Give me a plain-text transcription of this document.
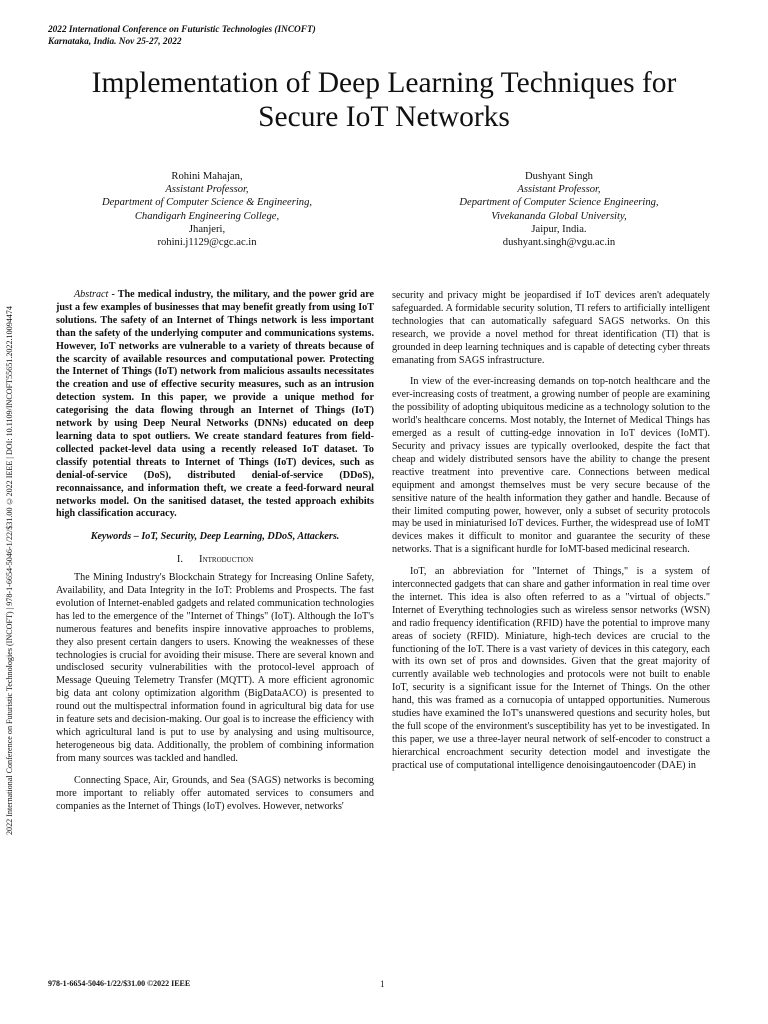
2022 International Conference on Futuristic Technologies (INCOFT)
Karnataka, India. Nov 25-27, 2022
2022 International Conference on Futuristic Technologies (INCOFT) | 978-1-6654-5046-1/22/$31.00 ©2022 IEEE | DOI: 10.1109/INCOFT55651.2022.10094474
Implementation of Deep Learning Techniques for Secure IoT Networks
Rohini Mahajan,
Assistant Professor,
Department of Computer Science & Engineering,
Chandigarh Engineering College,
Jhanjeri,
rohini.j1129@cgc.ac.in
Dushyant Singh
Assistant Professor,
Department of Computer Science Engineering,
Vivekananda Global University,
Jaipur, India.
dushyant.singh@vgu.ac.in

Abstract - The medical industry, the military, and the power grid are just a few examples of businesses that may benefit greatly from using IoT solutions. The safety of an Internet of Things network is less important than the safety of the underlying computer and communications systems. However, IoT networks are vulnerable to a variety of threats because of the scarcity of available resources and computational power. Protecting the Internet of Things (IoT) network from malicious assaults necessitates the creation and use of effective security measures, such as an intrusion detection system. In this paper, we provide a unique method for categorising the data flowing through an Internet of Things (IoT) network by using Deep Neural Networks (DNNs) educated on deep learning data to spot outliers. We create standard features from field-collected packet-level data using a recently released IoT dataset. To classify potential threats to Internet of Things (IoT) devices, such as denial-of-service (DoS), distributed denial-of-service (DDoS), reconnaissance, and information theft, we create a feed-forward neural networks model. On the sanitised dataset, the tested approach exhibits high classification accuracy.

Keywords – IoT, Security, Deep Learning, DDoS, Attackers.

I. Introduction

The Mining Industry's Blockchain Strategy for Increasing Online Safety, Availability, and Data Integrity in the IoT: Problems and Prospects. The fast evolution of Internet-enabled gadgets and related communication technologies has led to the emergence of the "Internet of Things" (IoT). Although the IoT's numerous features and benefits inspire innovative approaches to problems, they also present certain dangers to users. Knowing the weaknesses of these technologies is crucial for avoiding their misuse. There are several known and undisclosed security vulnerabilities with the protocol-level approach of Message Queuing Telemetry Transfer (MQTT). A more efficient agronomic big data ant colony optimization algorithm (BigDataACO) is presented to round out the multispectral information found in agricultural big data for use in feature sets and decision-making. Our goal is to increase the efficiency with which agricultural land is put to use by analysing and using multisource, heterogeneous big data. Additionally, the problem of combining information from many sources was tackled and handled.

Connecting Space, Air, Grounds, and Sea (SAGS) networks is becoming more important to reliably offer automated services to consumers and companies as the Internet of Things (IoT) evolves. However, networks'

security and privacy might be jeopardised if IoT devices aren't adequately safeguarded. A formidable security solution, TI refers to artificially intelligent technologies that can automatically safeguard SAGS networks. On this research, we provide a novel method for threat identification (TI) that is grounded in deep learning techniques and is capable of detecting cyber threats emanating from SAGS infrastructure.

In view of the ever-increasing demands on top-notch healthcare and the ever-increasing costs of treatment, a growing number of people are examining the possibility of adopting ubiquitous medicine as a technology solution to the world's healthcare concerns. Most notably, the Internet of Medical Things has emerged as a result of cutting-edge innovation in IoT devices (IoMT). Security and privacy issues are typically overlooked, despite the fact that cheap and widely distributed sensors have the ability to change the present reactive treatment into preventive care. Connections between medical equipment and amongst themselves must be very secure because of the sensitive nature of the health information they gather and handle. Because of their limited computing power, however, only a subset of security protocols may be used in miniaturised IoT devices. Further, the widespread use of IoMT devices makes it difficult to monitor and guarantee the security of these networks. That is a significant hurdle for IoMT-based medicinal research.

IoT, an abbreviation for "Internet of Things," is a system of interconnected gadgets that can share and gather information in real time over the internet. This idea is also often referred to as a "virtual of objects." Internet of Everything technologies such as wireless sensor networks (WSN) and radio frequency identification (RFID) have the potential to improve many areas of society (RFID). Miniature, high-tech devices are crucial to the functioning of the IoT. There is a vast variety of devices in this category, each with its own set of pros and downsides. Given that the great majority of currently available web technologies and protocols were not built to enable IoT, security is a significant issue for the Internet of Things. On the other hand, this was framed as a cornucopia of untapped opportunities. Numerous studies have examined the IoT's unanswered questions and security holes, but the full scope of the environment's susceptibility has yet to be investigated. In this paper, we use a three-layer neural network of self-encoder to construct a hierarchical encroachment security detection model and investigate the practical use of computational intelligence denoisingautoencoder (DAE) in

978-1-6654-5046-1/22/$31.00 ©2022 IEEE	1
